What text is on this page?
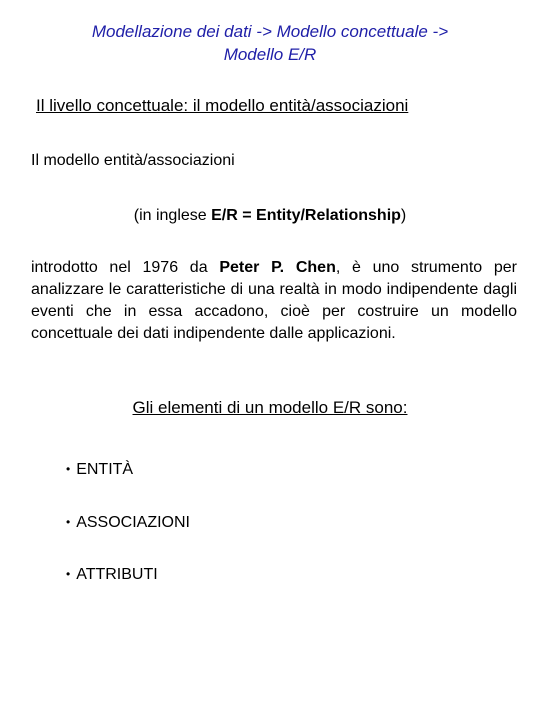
Modellazione dei dati -> Modello concettuale ->
Modello E/R
Il livello concettuale: il modello entità/associazioni
Il modello entità/associazioni
(in inglese E/R = Entity/Relationship)
introdotto nel 1976 da Peter P. Chen, è uno strumento per analizzare le caratteristiche di una realtà in modo indipendente dagli eventi che in essa accadono, cioè per costruire un modello concettuale dei dati indipendente dalle applicazioni.
Gli elementi di un modello E/R sono:
• ENTITÀ
• ASSOCIAZIONI
• ATTRIBUTI
